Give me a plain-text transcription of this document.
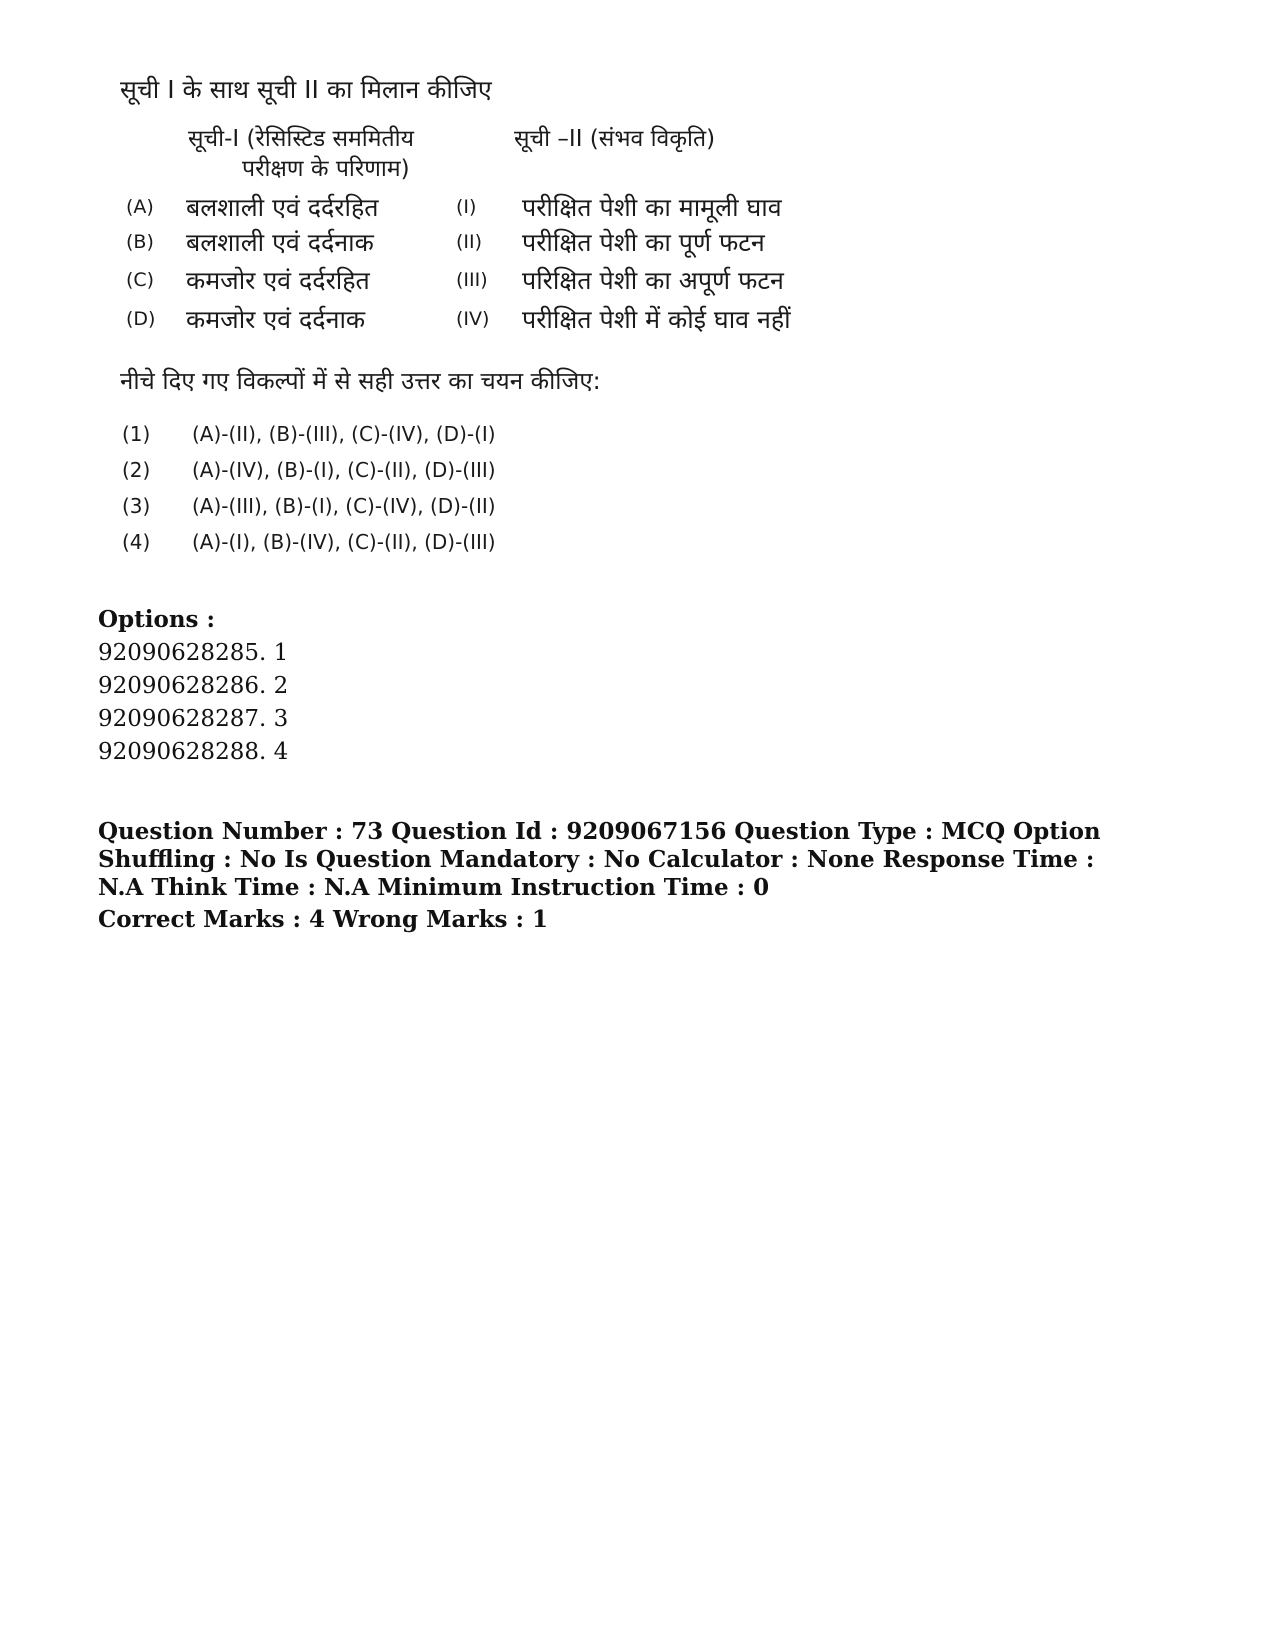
सूची I के साथ सूची II का मिलान कीजिए
सूची-I (रेसिस्टिड सममितीय
परीक्षण के परिणाम)
सूची –II (संभव विकृति)
(A) बलशाली एवं दर्दरहित	(I) परीक्षित पेशी का मामूली घाव
(B) बलशाली एवं दर्दनाक	(II) परीक्षित पेशी का पूर्ण फटन
(C) कमजोर एवं दर्दरहित	(III) परिक्षित पेशी का अपूर्ण फटन
(D) कमजोर एवं दर्दनाक	(IV) परीक्षित पेशी में कोई घाव नहीं
नीचे दिए गए विकल्पों में से सही उत्तर का चयन कीजिए:
(1) (A)-(II), (B)-(III), (C)-(IV), (D)-(I)
(2) (A)-(IV), (B)-(I), (C)-(II), (D)-(III)
(3) (A)-(III), (B)-(I), (C)-(IV), (D)-(II)
(4) (A)-(I), (B)-(IV), (C)-(II), (D)-(III)
Options :
92090628285. 1
92090628286. 2
92090628287. 3
92090628288. 4
Question Number : 73 Question Id : 9209067156 Question Type : MCQ Option Shuffling : No Is Question Mandatory : No Calculator : None Response Time : N.A Think Time : N.A Minimum Instruction Time : 0
Correct Marks : 4 Wrong Marks : 1
